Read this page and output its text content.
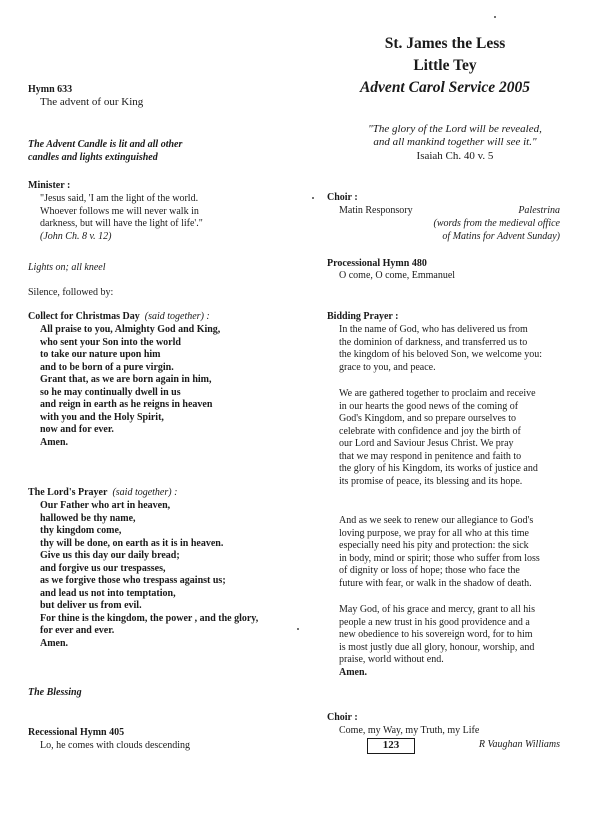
St. James the Less
Little Tey
Advent Carol Service 2005
"The glory of the Lord will be revealed,
and all mankind together will see it."
Isaiah Ch. 40 v. 5
Hymn 633
The advent of our King
The Advent Candle is lit and all other
candles and lights extinguished
Minister :
"Jesus said, 'I am the light of the world.
Whoever follows me will never walk in
darkness, but will have the light of life'."
(John Ch. 8 v. 12)
Lights on; all kneel
Silence, followed by:
Collect for Christmas Day (said together) :
All praise to you, Almighty God and King,
who sent your Son into the world
to take our nature upon him
and to be born of a pure virgin.
Grant that, as we are born again in him,
so he may continually dwell in us
and reign in earth as he reigns in heaven
with you and the Holy Spirit,
now and for ever.
Amen.
The Lord's Prayer (said together) :
Our Father who art in heaven,
hallowed be thy name,
thy kingdom come,
thy will be done, on earth as it is in heaven.
Give us this day our daily bread;
and forgive us our trespasses,
as we forgive those who trespass against us;
and lead us not into temptation,
but deliver us from evil.
For thine is the kingdom, the power , and the glory,
for ever and ever.
Amen.
The Blessing
Recessional Hymn 405
Lo, he comes with clouds descending
Choir :
Matin Responsory	Palestrina
(words from the medieval office
of Matins for Advent Sunday)
Processional Hymn 480
O come, O come, Emmanuel
Bidding Prayer :
In the name of God, who has delivered us from
the dominion of darkness, and transferred us to
the kingdom of his beloved Son, we welcome you:
grace to you, and peace.
We are gathered together to proclaim and receive
in our hearts the good news of the coming of
God's Kingdom, and so prepare ourselves to
celebrate with confidence and joy the birth of
our Lord and Saviour Jesus Christ. We pray
that we may respond in penitence and faith to
the glory of his Kingdom, its works of justice and
its promise of peace, its blessing and its hope.
And as we seek to renew our allegiance to God's
loving purpose, we pray for all who at this time
especially need his pity and protection: the sick
in body, mind or spirit; those who suffer from loss
of dignity or loss of hope; those who face the
future with fear, or walk in the shadow of death.
May God, of his grace and mercy, grant to all his
people a new trust in his good providence and a
new obedience to his sovereign word, for to him
is most justly due all glory, honour, worship, and
praise, world without end.
Amen.
Choir :
Come, my Way, my Truth, my Life
123	R Vaughan Williams
